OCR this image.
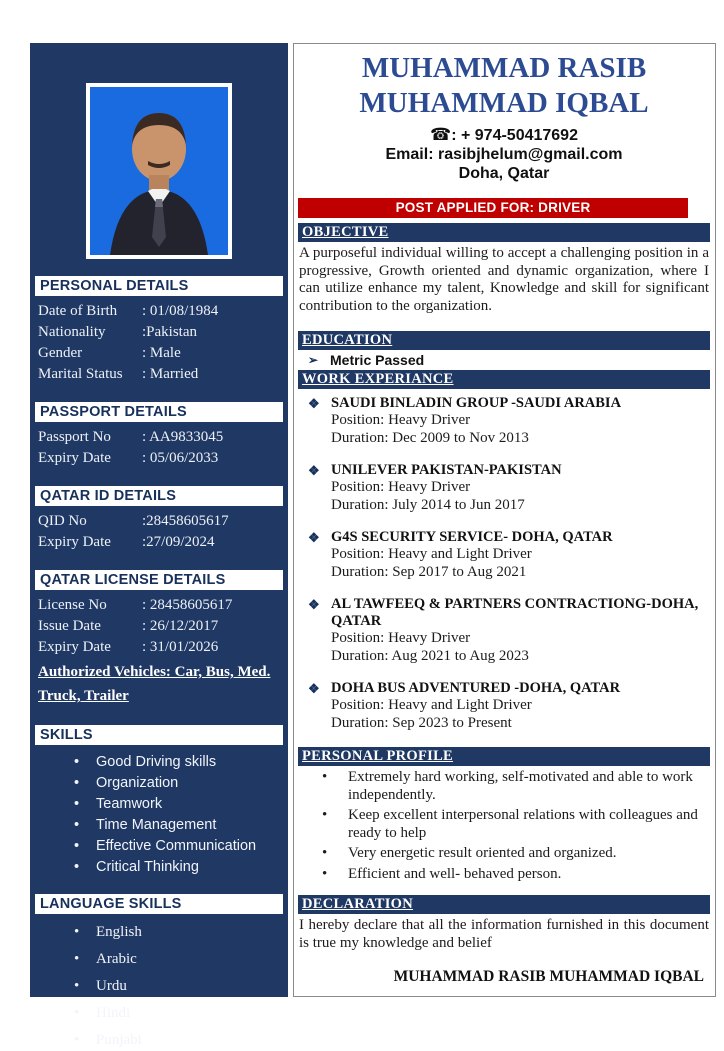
PERSONAL DETAILS
Date of Birth	: 01/08/1984
Nationality	:Pakistan
Gender	: Male
Marital Status	: Married
PASSPORT DETAILS
Passport No	: AA9833045
Expiry Date	: 05/06/2033
QATAR ID DETAILS
QID No	:28458605617
Expiry Date	:27/09/2024
QATAR LICENSE DETAILS
License No	: 28458605617
Issue Date	: 26/12/2017
Expiry Date	: 31/01/2026
Authorized Vehicles: Car, Bus, Med. Truck, Trailer
SKILLS
•	Good Driving skills
•	Organization
•	Teamwork
•	Time Management
•	Effective Communication
•	Critical Thinking
LANGUAGE SKILLS
•	English
•	Arabic
•	Urdu
•	Hindi
•	Punjabi
MUHAMMAD RASIB
MUHAMMAD IQBAL
☎: + 974-50417692
Email: rasibjhelum@gmail.com
Doha, Qatar
POST APPLIED FOR: DRIVER
OBJECTIVE
A purposeful individual willing to accept a challenging position in a progressive, Growth oriented and dynamic organization, where I can utilize enhance my talent, Knowledge and skill for significant contribution to the organization.
EDUCATION
➢ Metric Passed
WORK EXPERIANCE
❖ SAUDI BINLADIN GROUP -SAUDI ARABIA
Position: Heavy Driver
Duration: Dec 2009 to Nov 2013
❖ UNILEVER PAKISTAN-PAKISTAN
Position: Heavy Driver
Duration: July 2014 to Jun 2017
❖ G4S SECURITY SERVICE- DOHA, QATAR
Position: Heavy and Light Driver
Duration: Sep 2017 to Aug 2021
❖ AL TAWFEEQ & PARTNERS CONTRACTIONG-DOHA, QATAR
Position: Heavy Driver
Duration: Aug 2021 to Aug 2023
❖ DOHA BUS ADVENTURED -DOHA, QATAR
Position: Heavy and Light Driver
Duration: Sep 2023 to Present
PERSONAL PROFILE
•	Extremely hard working, self-motivated and able to work independently.
•	Keep excellent interpersonal relations with colleagues and ready to help
•	Very energetic result oriented and organized.
•	Efficient and well- behaved person.
DECLARATION
I hereby declare that all the information furnished in this document is true my knowledge and belief
MUHAMMAD RASIB MUHAMMAD IQBAL
